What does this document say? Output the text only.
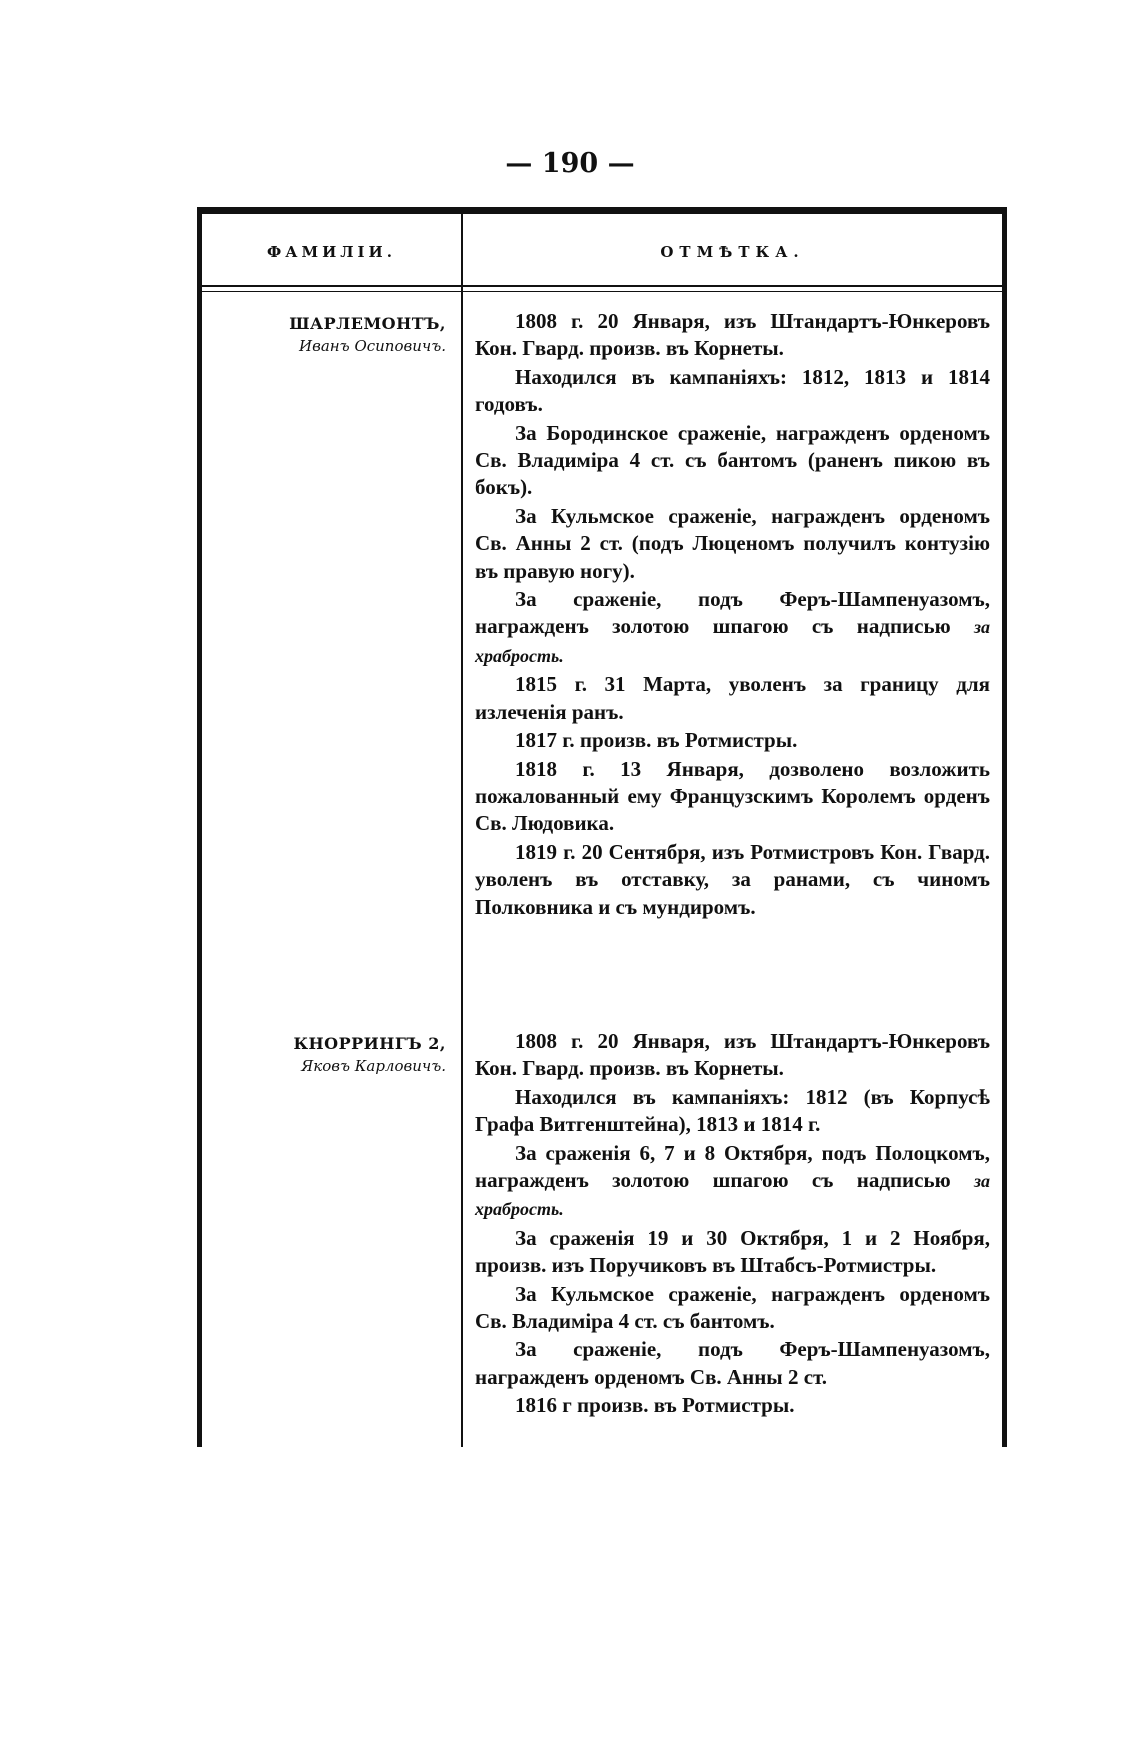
— 190 —
ФАМИЛІИ.	ОТМѢТКА.
ШАРЛЕМОНТЪ,
Иванъ Осиповичъ.

1808 г. 20 Января, изъ Штандартъ-Юнкеровъ Кон. Гвард. произв. въ Корнеты.

Находился въ кампаніяхъ: 1812, 1813 и 1814 годовъ.

За Бородинское сраженіе, награжденъ орденомъ Св. Владиміра 4 ст. съ бантомъ (раненъ пикою въ бокъ).

За Кульмское сраженіе, награжденъ орденомъ Св. Анны 2 ст. (подъ Люценомъ получилъ контузію въ правую ногу).

За сраженіе, подъ Феръ-Шампенуазомъ, награжденъ золотою шпагою съ надписью за храбрость.

1815 г. 31 Марта, уволенъ за границу для излеченія ранъ.

1817 г. произв. въ Ротмистры.

1818 г. 13 Января, дозволено возложить пожалованный ему Французскимъ Королемъ орденъ Св. Людовика.

1819 г. 20 Сентября, изъ Ротмистровъ Кон. Гвард. уволенъ въ отставку, за ранами, съ чиномъ Полковника и съ мундиромъ.

КНОРРИНГЪ 2,
Яковъ Карловичъ.

1808 г. 20 Января, изъ Штандартъ-Юнкеровъ Кон. Гвард. произв. въ Корнеты.

Находился въ кампаніяхъ: 1812 (въ Корпусѣ Графа Витгенштейна), 1813 и 1814 г.

За сраженія 6, 7 и 8 Октября, подъ Полоцкомъ, награжденъ золотою шпагою съ надписью за храбрость.

За сраженія 19 и 30 Октября, 1 и 2 Ноября, произв. изъ Поручиковъ въ Штабсъ-Ротмистры.

За Кульмское сраженіе, награжденъ орденомъ Св. Владиміра 4 ст. съ бантомъ.

За сраженіе, подъ Феръ-Шампенуазомъ, награжденъ орденомъ Св. Анны 2 ст.

1816 г произв. въ Ротмистры.
